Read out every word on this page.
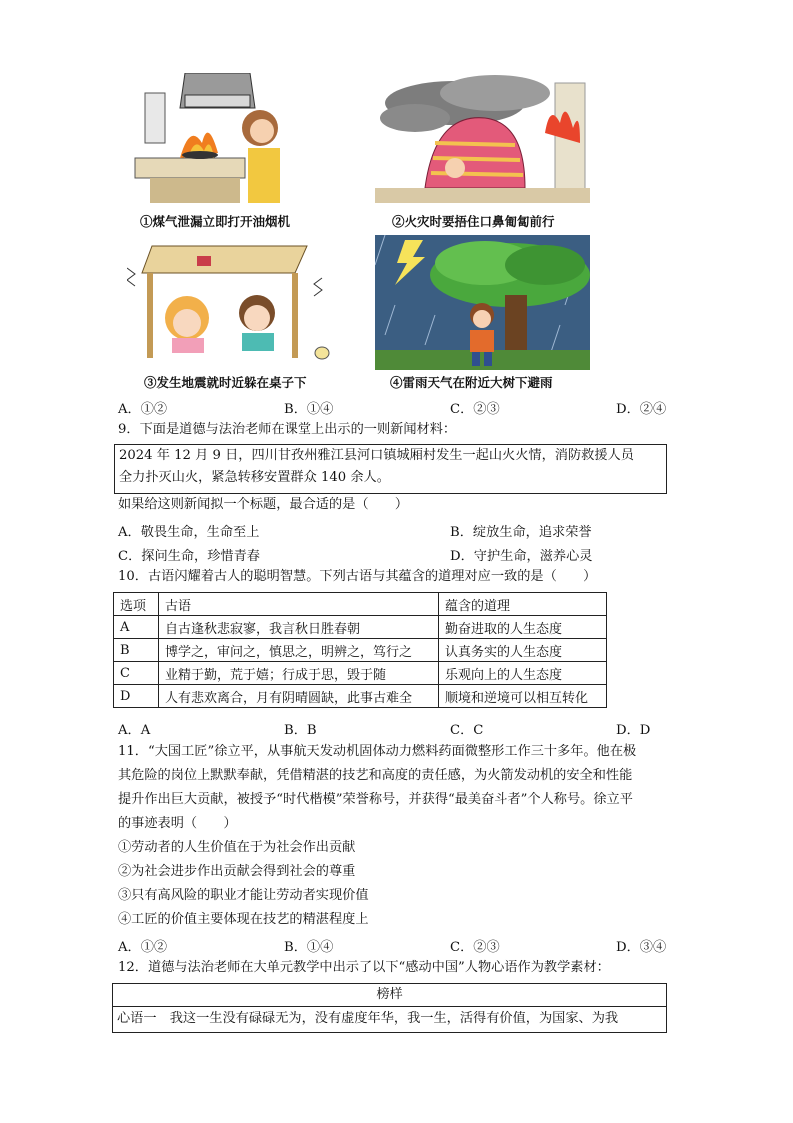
①煤气泄漏立即打开油烟机	②火灾时要捂住口鼻匍匐前行
③发生地震就时近躲在桌子下	④雷雨天气在附近大树下避雨
A．①②	B．①④	C．②③	D．②④
9．下面是道德与法治老师在课堂上出示的一则新闻材料：
2024 年 12 月 9 日，四川甘孜州雅江县河口镇城厢村发生一起山火火情，消防救援人员
全力扑灭山火，紧急转移安置群众 140 余人。
如果给这则新闻拟一个标题，最合适的是（　　）
A．敬畏生命，生命至上	B．绽放生命，追求荣誉
C．探问生命，珍惜青春	D．守护生命，滋养心灵
10．古语闪耀着古人的聪明智慧。下列古语与其蕴含的道理对应一致的是（　　）
选项	古语	蕴含的道理
A	自古逢秋悲寂寥，我言秋日胜春朝	勤奋进取的人生态度
B	博学之，审问之，慎思之，明辨之，笃行之	认真务实的人生态度
C	业精于勤，荒于嬉；行成于思，毁于随	乐观向上的人生态度
D	人有悲欢离合，月有阴晴圆缺，此事古难全	顺境和逆境可以相互转化
A．A	B．B	C．C	D．D
11．“大国工匠”徐立平，从事航天发动机固体动力燃料药面微整形工作三十多年。他在极
其危险的岗位上默默奉献，凭借精湛的技艺和高度的责任感，为火箭发动机的安全和性能
提升作出巨大贡献，被授予“时代楷模”荣誉称号，并获得“最美奋斗者”个人称号。徐立平
的事迹表明（　　）
①劳动者的人生价值在于为社会作出贡献
②为社会进步作出贡献会得到社会的尊重
③只有高风险的职业才能让劳动者实现价值
④工匠的价值主要体现在技艺的精湛程度上
A．①②	B．①④	C．②③	D．③④
12．道德与法治老师在大单元教学中出示了以下“感动中国”人物心语作为教学素材：
榜样
心语一　我这一生没有碌碌无为，没有虚度年华，我一生，活得有价值，为国家、为我
